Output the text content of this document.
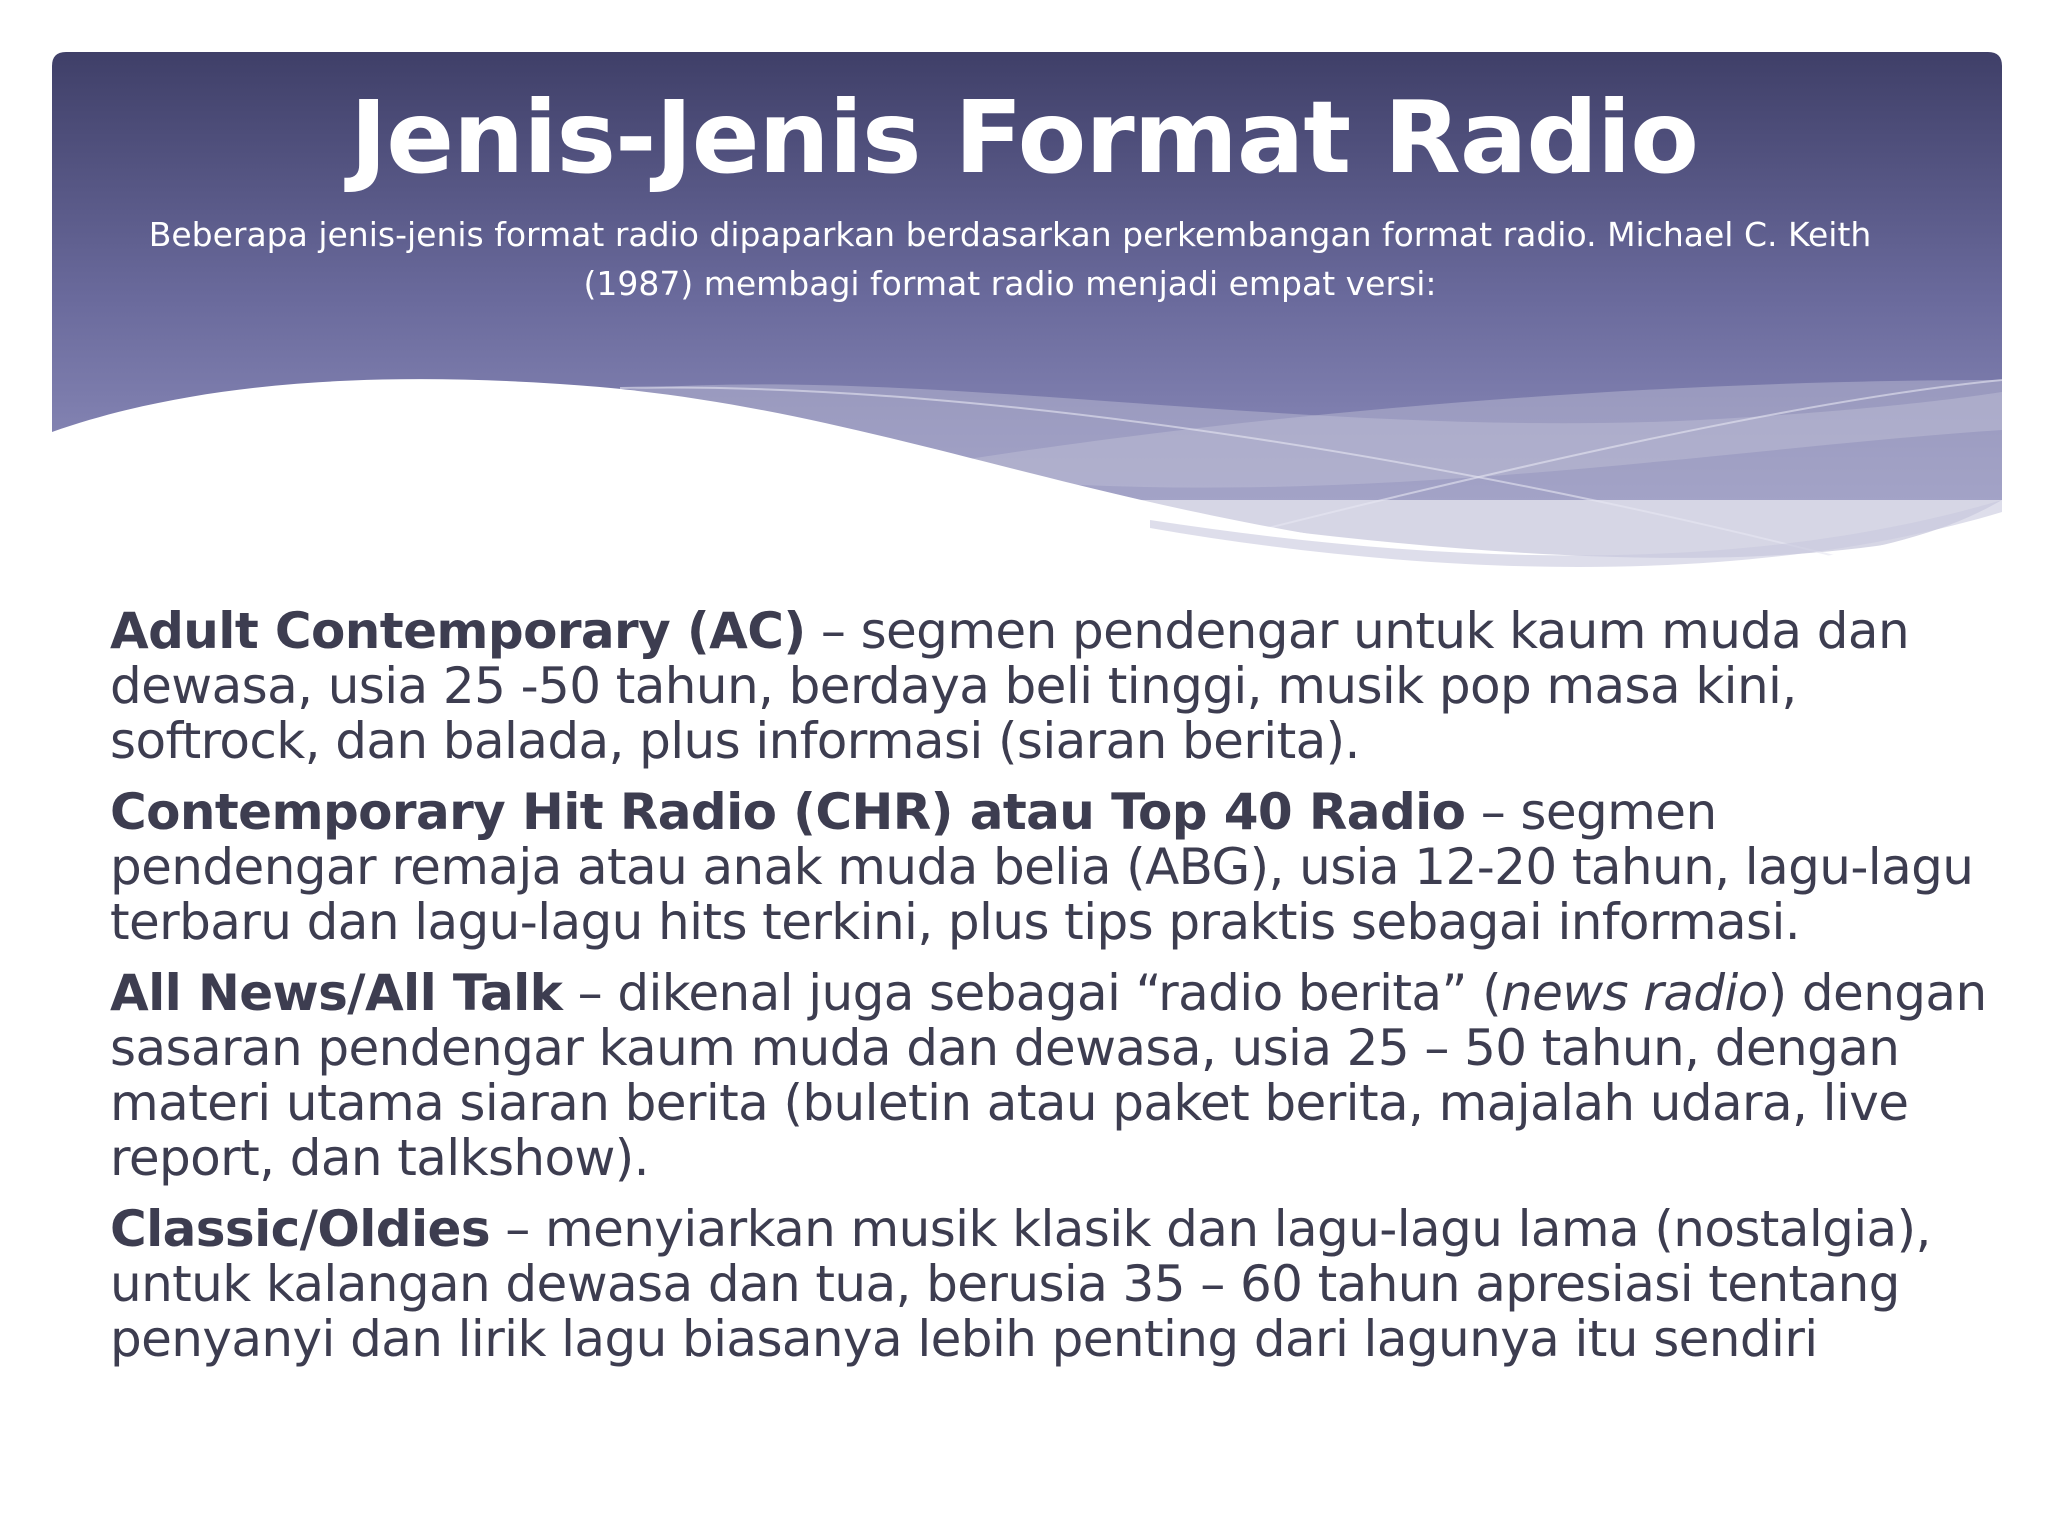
Jenis-Jenis Format Radio
Beberapa jenis-jenis format radio dipaparkan berdasarkan perkembangan format radio. Michael C. Keith (1987) membagi format radio menjadi empat versi:

Adult Contemporary (AC) – segmen pendengar untuk kaum muda dan dewasa, usia 25 -50 tahun, berdaya beli tinggi, musik pop masa kini, softrock, dan balada, plus informasi (siaran berita).

Contemporary Hit Radio (CHR) atau Top 40 Radio – segmen pendengar remaja atau anak muda belia (ABG), usia 12-20 tahun, lagu-lagu terbaru dan lagu-lagu hits terkini, plus tips praktis sebagai informasi.

All News/All Talk – dikenal juga sebagai “radio berita” (news radio) dengan sasaran pendengar kaum muda dan dewasa, usia 25 – 50 tahun, dengan materi utama siaran berita (buletin atau paket berita, majalah udara, live report, dan talkshow).

Classic/Oldies – menyiarkan musik klasik dan lagu-lagu lama (nostalgia), untuk kalangan dewasa dan tua, berusia 35 – 60 tahun apresiasi tentang penyanyi dan lirik lagu biasanya lebih penting dari lagunya itu sendiri
